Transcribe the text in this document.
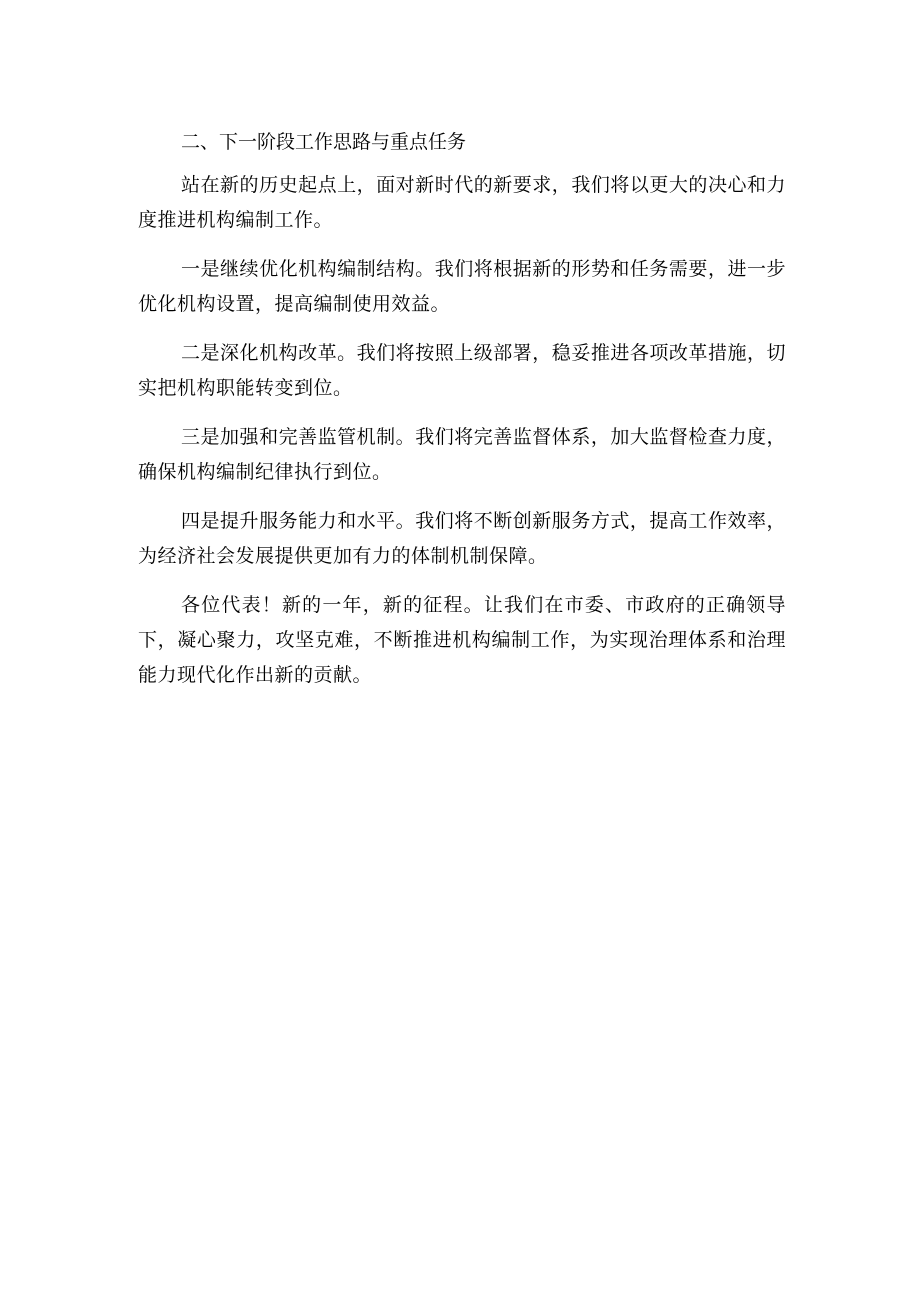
二、下一阶段工作思路与重点任务

站在新的历史起点上，面对新时代的新要求，我们将以更大的决心和力度推进机构编制工作。

一是继续优化机构编制结构。我们将根据新的形势和任务需要，进一步优化机构设置，提高编制使用效益。

二是深化机构改革。我们将按照上级部署，稳妥推进各项改革措施，切实把机构职能转变到位。

三是加强和完善监管机制。我们将完善监督体系，加大监督检查力度，确保机构编制纪律执行到位。

四是提升服务能力和水平。我们将不断创新服务方式，提高工作效率，为经济社会发展提供更加有力的体制机制保障。

各位代表！新的一年，新的征程。让我们在市委、市政府的正确领导下，凝心聚力，攻坚克难，不断推进机构编制工作，为实现治理体系和治理能力现代化作出新的贡献。
